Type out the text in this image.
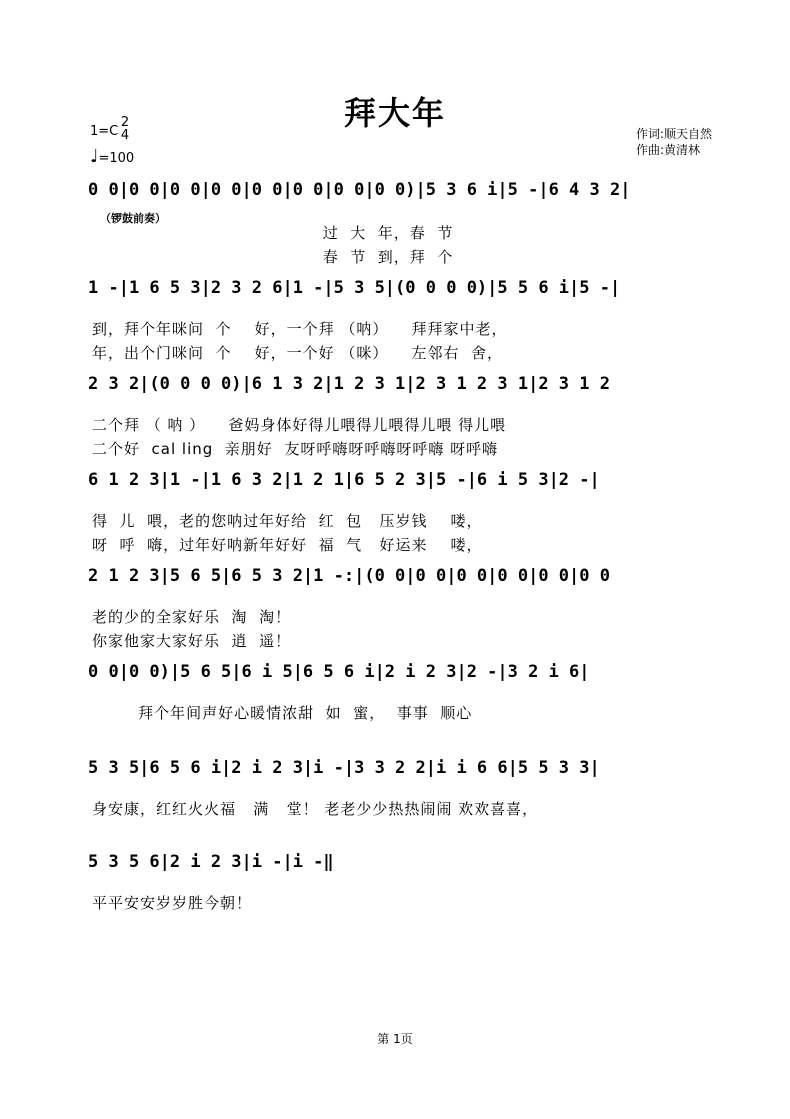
拜大年
1=C
2
4
♩=100
作词:顺天自然
作曲:黄清林
0 0|0 0|0 0|0 0|0 0|0 0|0 0|0 0)|5 3 6 i|5 -|6 4 3 2|
（锣鼓前奏）
过  大  年，春  节
春  节  到，拜  个
1 -|1 6 5 3|2 3 2 6|1 -|5 3 5|(0 0 0 0)|5 5 6 i|5 -|
到，拜个年咪问  个    好，一个拜 （呐）    拜拜家中老，
年，出个门咪问  个    好，一个好 （咪）    左邻右  舍，
2 3 2|(0 0 0 0)|6 1 3 2|1 2 3 1|2 3 1 2 3 1|2 3 1 2
二个拜 （ 呐 ）    爸妈身体好得儿喂得儿喂得儿喂 得儿喂
二个好  cal ling  亲朋好  友呀呼嗨呀呼嗨呀呼嗨 呀呼嗨
6 1 2 3|1 -|1 6 3 2|1 2 1|6 5 2 3|5 -|6 i 5 3|2 -|
得  儿  喂，老的您呐过年好给  红  包   压岁钱    喽，
呀  呼  嗨，过年好呐新年好好  福  气   好运来    喽，
2 1 2 3|5 6 5|6 5 3 2|1 -:|(0 0|0 0|0 0|0 0|0 0|0 0
老的少的全家好乐  淘  淘！
你家他家大家好乐  逍  遥！
0 0|0 0)|5 6 5|6 i 5|6 5 6 i|2 i 2 3|2 -|3 2 i 6|
拜个年间声好心暖情浓甜  如  蜜，  事事  顺心
5 3 5|6 5 6 i|2 i 2 3|i -|3 3 2 2|i i 6 6|5 5 3 3|
身安康，红红火火福   满   堂！ 老老少少热热闹闹 欢欢喜喜，
5 3 5 6|2 i 2 3|i -|i -‖
平平安安岁岁胜今朝！
第 1页
